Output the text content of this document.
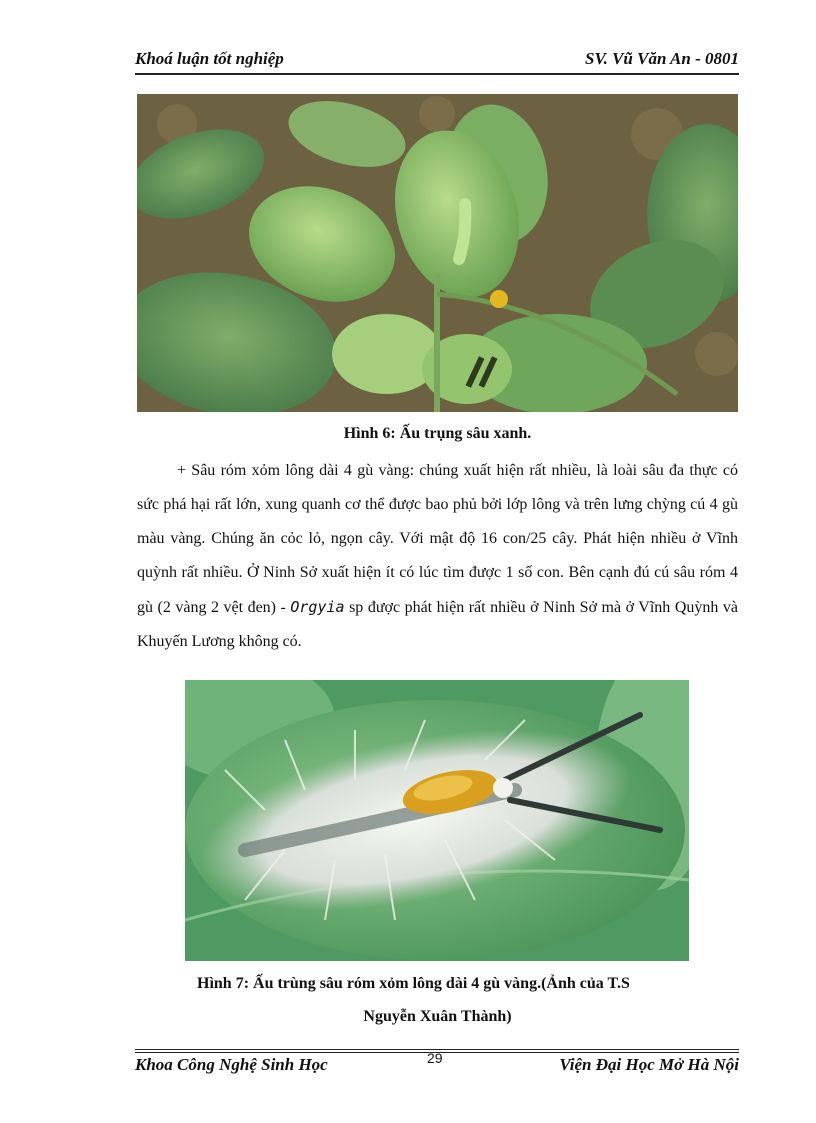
Khoá luận tốt nghiệp	SV. Vũ Văn An - 0801
Hình 6: Ấu trụng sâu xanh.

+ Sâu róm xỏm lông dài 4 gù vàng: chúng xuất hiện rất nhiều, là loài sâu đa thực có sức phá hại rất lớn, xung quanh cơ thể được bao phủ bởi lớp lông và trên lưng chỳng cú 4 gù màu vàng. Chúng ăn cỏc lỏ, ngọn cây. Với mật độ 16 con/25 cây. Phát hiện nhiều ở Vĩnh quỳnh rất nhiều. Ở Ninh Sở xuất hiện ít có lúc tìm được 1 số con. Bên cạnh đú cú sâu róm 4 gù (2 vàng 2 vệt đen) - Orgyia sp được phát hiện rất nhiều ở Ninh Sở mà ở Vĩnh Quỳnh và Khuyến Lương không có.

Hình 7: Ấu trùng sâu róm xỏm lông dài 4 gù vàng.(Ảnh của T.S
Nguyễn Xuân Thành)
Khoa Công Nghệ Sinh Học	29	Viện Đại Học Mở Hà Nội
